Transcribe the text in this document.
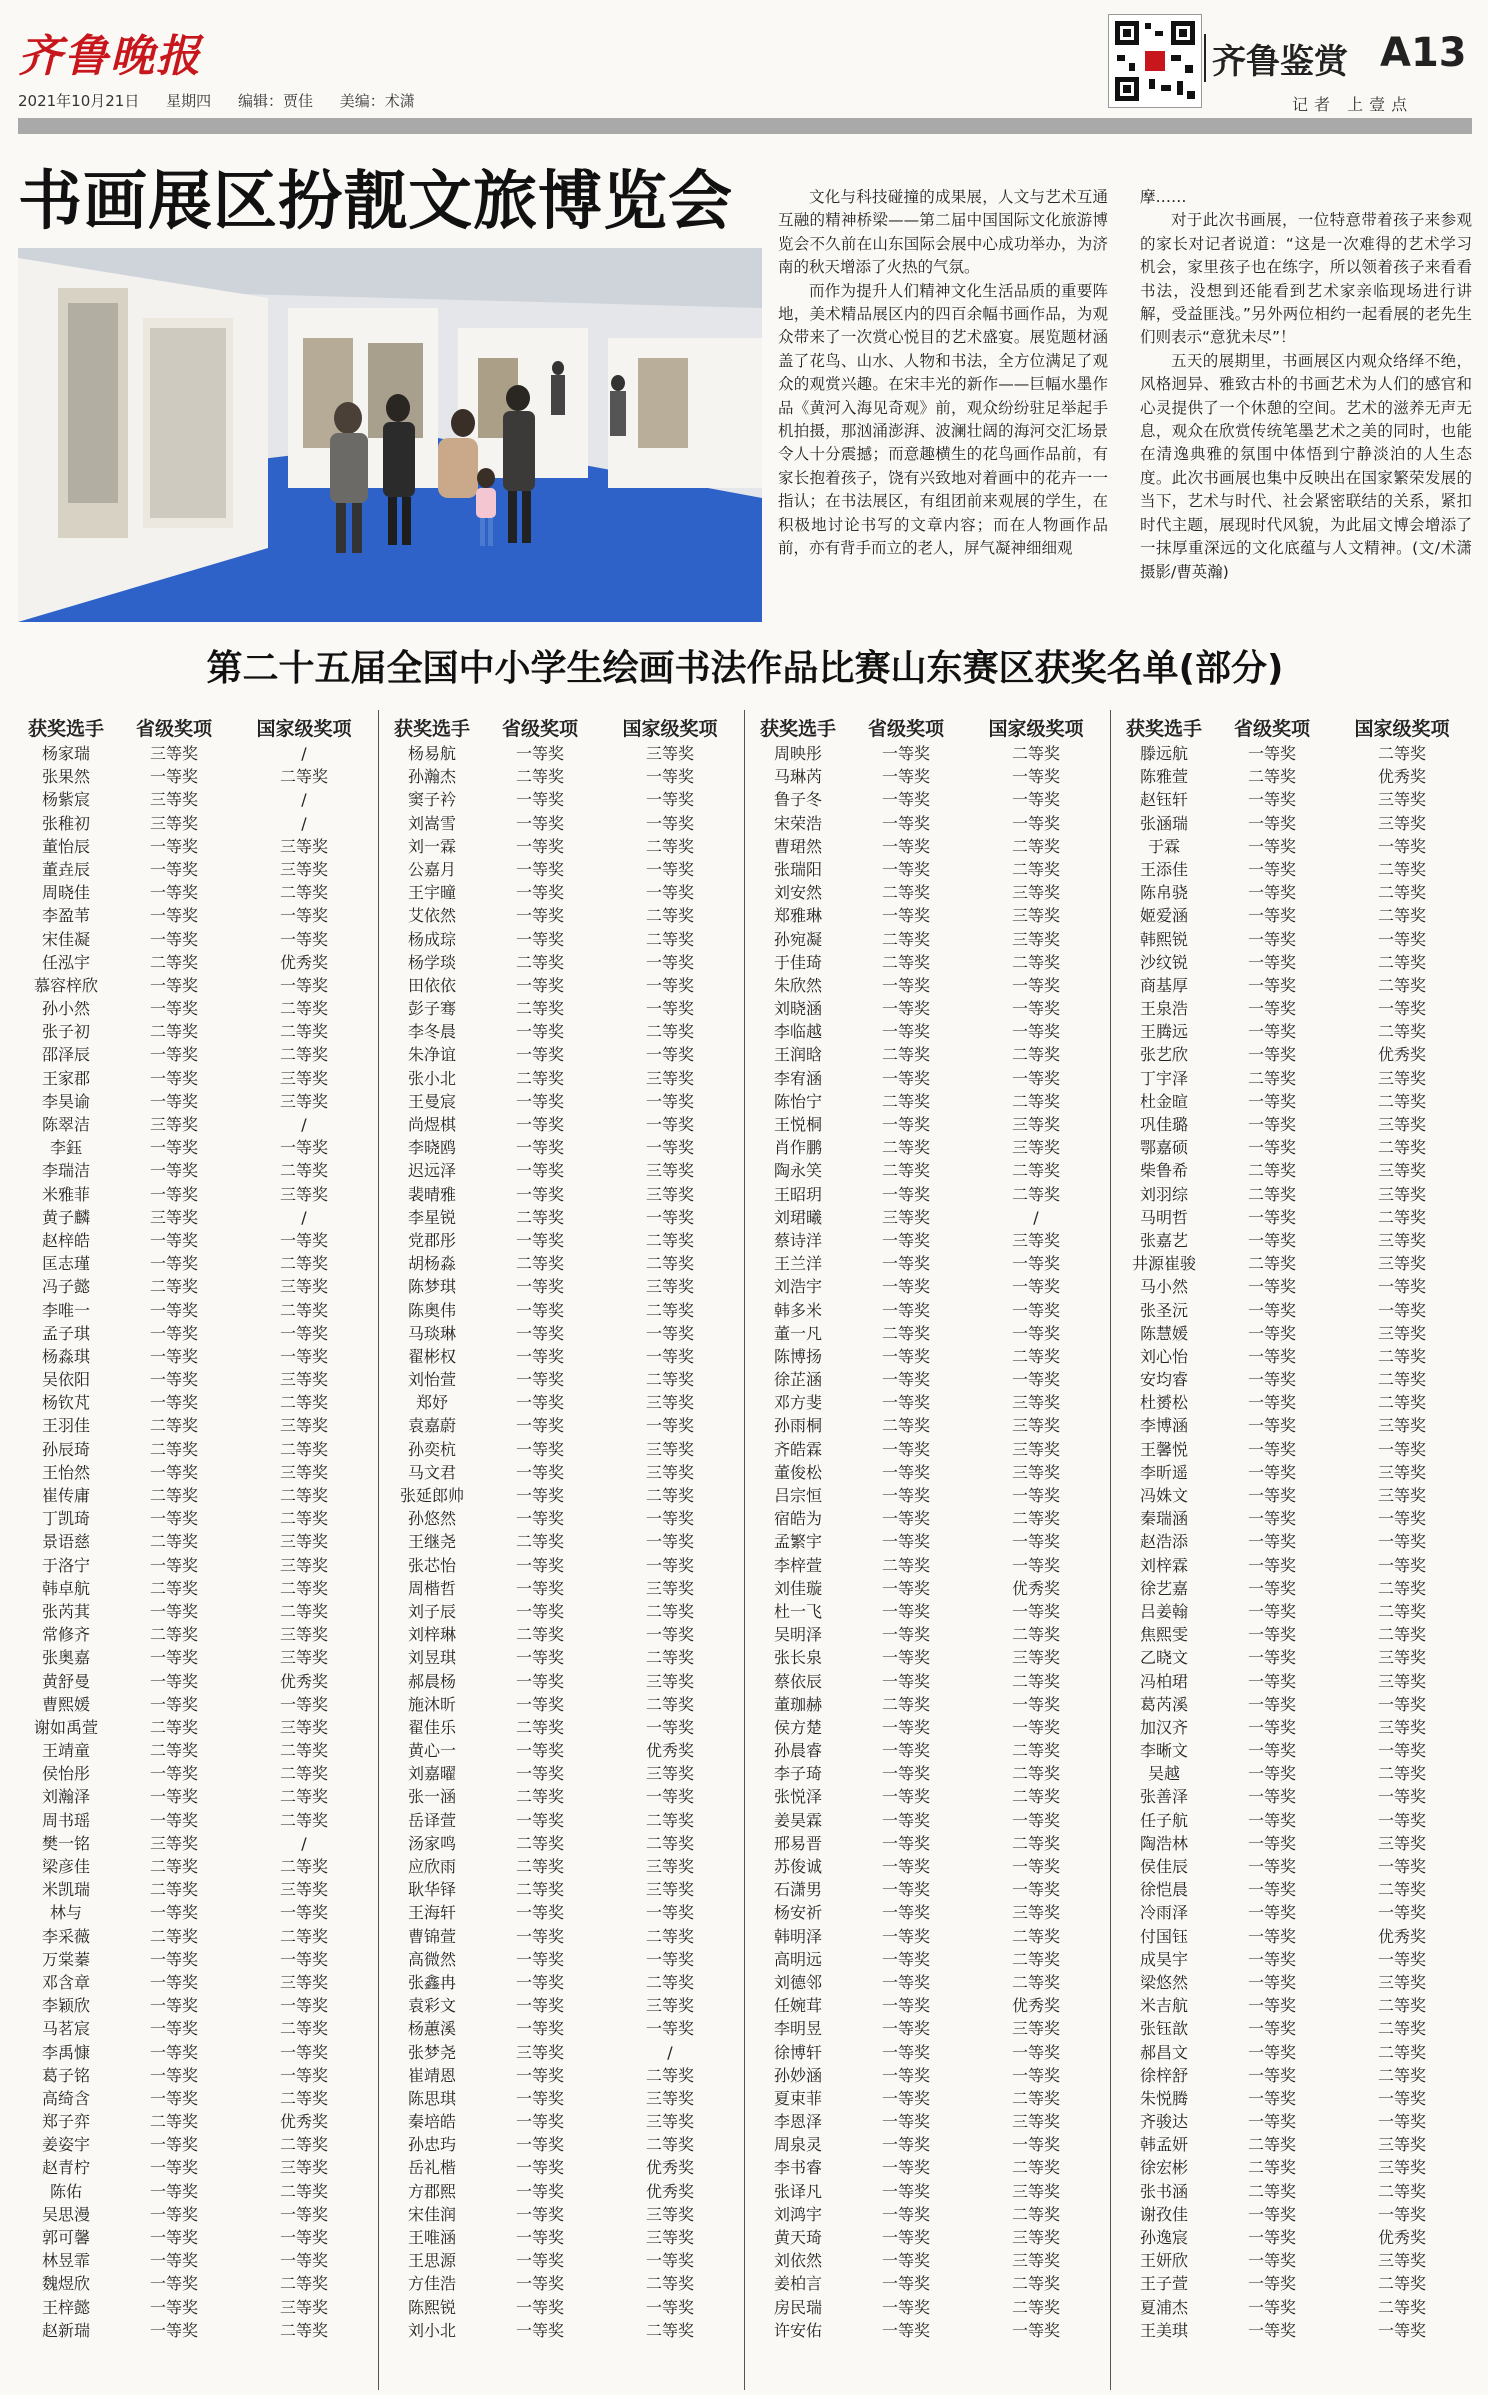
齐鲁晚报
2021年10月21日 星期四 编辑：贾佳 美编：术潇
齐鲁鉴赏 A13
记者 上壹点
书画展区扮靓文旅博览会	文化与科技碰撞的成果展，人文与艺术互通互融的精神桥梁——第二届中国国际文化旅游博览会不久前在山东国际会展中心成功举办，为济南的秋天增添了火热的气氛。

而作为提升人们精神文化生活品质的重要阵地，美术精品展区内的四百余幅书画作品，为观众带来了一次赏心悦目的艺术盛宴。展览题材涵盖了花鸟、山水、人物和书法，全方位满足了观众的观赏兴趣。在宋丰光的新作——巨幅水墨作品《黄河入海见奇观》前，观众纷纷驻足举起手机拍摄，那汹涌澎湃、波澜壮阔的海河交汇场景令人十分震撼；而意趣横生的花鸟画作品前，有家长抱着孩子，饶有兴致地对着画中的花卉一一指认；在书法展区，有组团前来观展的学生，在积极地讨论书写的文章内容；而在人物画作品前，亦有背手而立的老人，屏气凝神细细观

摩……

对于此次书画展，一位特意带着孩子来参观的家长对记者说道：“这是一次难得的艺术学习机会，家里孩子也在练字，所以领着孩子来看看书法，没想到还能看到艺术家亲临现场进行讲解，受益匪浅。”另外两位相约一起看展的老先生们则表示“意犹未尽”！

五天的展期里，书画展区内观众络绎不绝，风格迥异、雅致古朴的书画艺术为人们的感官和心灵提供了一个休憩的空间。艺术的滋养无声无息，观众在欣赏传统笔墨艺术之美的同时，也能在清逸典雅的氛围中体悟到宁静淡泊的人生态度。此次书画展也集中反映出在国家繁荣发展的当下，艺术与时代、社会紧密联结的关系，紧扣时代主题，展现时代风貌，为此届文博会增添了一抹厚重深远的文化底蕴与人文精神。(文/术潇 摄影/曹英瀚)

第二十五届全国中小学生绘画书法作品比赛山东赛区获奖名单(部分)
获奖选手	省级奖项	国家级奖项
杨家瑞	三等奖	/
张果然	一等奖	二等奖
杨紫宸	三等奖	/
张稚初	三等奖	/
董怡辰	一等奖	三等奖
董垚辰	一等奖	三等奖
周晓佳	一等奖	二等奖
李盈苇	一等奖	一等奖
宋佳凝	一等奖	一等奖
任泓宇	二等奖	优秀奖
慕容梓欣	一等奖	一等奖
孙小然	一等奖	二等奖
张子初	二等奖	二等奖
邵泽辰	一等奖	二等奖
王家郡	一等奖	三等奖
李昊谕	一等奖	三等奖
陈翠洁	三等奖	/
李鈺	一等奖	一等奖
李瑞洁	一等奖	二等奖
米雅菲	一等奖	三等奖
黄子麟	三等奖	/
赵梓皓	一等奖	一等奖
匡志瑾	一等奖	二等奖
冯子懿	二等奖	三等奖
李唯一	一等奖	二等奖
孟子琪	一等奖	一等奖
杨淼琪	一等奖	一等奖
吴依阳	一等奖	三等奖
杨钦芃	一等奖	二等奖
王羽佳	二等奖	三等奖
孙辰琦	二等奖	二等奖
王怡然	一等奖	三等奖
崔传庸	二等奖	二等奖
丁凯琦	一等奖	二等奖
景语慈	二等奖	三等奖
于洛宁	一等奖	三等奖
韩卓航	二等奖	二等奖
张芮萁	一等奖	二等奖
常修齐	二等奖	三等奖
张奥嘉	一等奖	三等奖
黄舒曼	一等奖	优秀奖
曹熙媛	一等奖	一等奖
谢如禹萱	二等奖	三等奖
王靖童	二等奖	二等奖
侯怡彤	一等奖	二等奖
刘瀚泽	一等奖	二等奖
周书瑶	一等奖	二等奖
樊一铭	三等奖	/
梁彦佳	二等奖	二等奖
米凯瑞	二等奖	三等奖
林与	一等奖	一等奖
李采薇	二等奖	二等奖
万棠蓁	一等奖	一等奖
邓含章	一等奖	三等奖
李颖欣	一等奖	一等奖
马茗宸	一等奖	二等奖
李禹慷	一等奖	一等奖
葛子铭	一等奖	一等奖
高绮含	一等奖	二等奖
郑子弈	二等奖	优秀奖
姜姿宇	一等奖	二等奖
赵青柠	一等奖	三等奖
陈佑	一等奖	二等奖
吴思漫	一等奖	一等奖
郭可馨	一等奖	一等奖
林昱霏	一等奖	一等奖
魏煜欣	一等奖	二等奖
王梓懿	一等奖	三等奖
赵新瑞	一等奖	二等奖
获奖选手	省级奖项	国家级奖项
杨易航	一等奖	三等奖
孙瀚杰	二等奖	一等奖
窦子衿	一等奖	一等奖
刘嵩雪	一等奖	一等奖
刘一霖	一等奖	二等奖
公嘉月	一等奖	一等奖
王宇曈	一等奖	一等奖
艾依然	一等奖	二等奖
杨成琮	一等奖	二等奖
杨学琰	二等奖	一等奖
田依依	一等奖	一等奖
彭子骞	二等奖	一等奖
李冬晨	一等奖	二等奖
朱净谊	一等奖	一等奖
张小北	二等奖	三等奖
王曼宸	一等奖	一等奖
尚煜棋	一等奖	一等奖
李晓鸥	一等奖	一等奖
迟远泽	一等奖	三等奖
裴晴雅	一等奖	三等奖
李星锐	二等奖	一等奖
党郡彤	一等奖	二等奖
胡杨淼	二等奖	二等奖
陈梦琪	一等奖	三等奖
陈奥伟	一等奖	二等奖
马琰琳	一等奖	一等奖
翟彬权	一等奖	一等奖
刘怡萱	一等奖	二等奖
郑妤	一等奖	三等奖
袁嘉蔚	一等奖	一等奖
孙奕杭	一等奖	三等奖
马文君	一等奖	三等奖
张延郎帅	一等奖	二等奖
孙悠然	一等奖	一等奖
王继尧	二等奖	一等奖
张芯怡	一等奖	一等奖
周楷哲	一等奖	三等奖
刘子辰	一等奖	二等奖
刘梓琳	二等奖	一等奖
刘昱琪	一等奖	二等奖
郝晨杨	一等奖	三等奖
施沐昕	一等奖	二等奖
翟佳乐	二等奖	一等奖
黄心一	一等奖	优秀奖
刘嘉曜	一等奖	三等奖
张一涵	二等奖	一等奖
岳译萱	一等奖	二等奖
汤家鸣	二等奖	二等奖
应欣雨	二等奖	三等奖
耿华铎	二等奖	三等奖
王海轩	一等奖	一等奖
曹锦萱	一等奖	二等奖
高微然	一等奖	一等奖
张鑫冉	一等奖	二等奖
袁彩文	一等奖	三等奖
杨蕙溪	一等奖	一等奖
张梦尧	三等奖	/
崔靖恩	一等奖	二等奖
陈思琪	一等奖	三等奖
秦培皓	一等奖	三等奖
孙忠玙	一等奖	二等奖
岳礼楷	一等奖	优秀奖
方郡熙	一等奖	优秀奖
宋佳润	一等奖	三等奖
王唯涵	一等奖	三等奖
王思源	一等奖	一等奖
方佳浩	一等奖	二等奖
陈熙锐	一等奖	一等奖
刘小北	一等奖	二等奖
获奖选手	省级奖项	国家级奖项
周映彤	一等奖	二等奖
马琳芮	一等奖	一等奖
鲁子冬	一等奖	一等奖
宋荣浩	一等奖	一等奖
曹珺然	一等奖	二等奖
张瑞阳	一等奖	二等奖
刘安然	二等奖	三等奖
郑雅琳	一等奖	三等奖
孙宛凝	二等奖	三等奖
于佳琦	二等奖	二等奖
朱欣然	一等奖	一等奖
刘晓涵	一等奖	一等奖
李临越	一等奖	一等奖
王润晗	二等奖	二等奖
李宥涵	一等奖	一等奖
陈怡宁	二等奖	二等奖
王悦桐	一等奖	三等奖
肖作鹏	二等奖	三等奖
陶永笑	二等奖	二等奖
王昭玥	一等奖	二等奖
刘珺曦	三等奖	/
蔡诗洋	一等奖	三等奖
王兰洋	一等奖	一等奖
刘浩宇	一等奖	一等奖
韩多米	一等奖	一等奖
董一凡	二等奖	一等奖
陈博扬	一等奖	二等奖
徐芷涵	一等奖	一等奖
邓方斐	一等奖	三等奖
孙雨桐	二等奖	三等奖
齐皓霖	一等奖	三等奖
董俊松	一等奖	三等奖
吕宗恒	一等奖	一等奖
宿皓为	一等奖	二等奖
孟繁宇	一等奖	一等奖
李梓萱	二等奖	一等奖
刘佳璇	一等奖	优秀奖
杜一飞	一等奖	一等奖
吴明泽	一等奖	二等奖
张长泉	一等奖	三等奖
蔡依辰	一等奖	二等奖
董珈赫	二等奖	一等奖
侯方楚	一等奖	一等奖
孙晨睿	一等奖	二等奖
李子琦	一等奖	二等奖
张悦泽	一等奖	二等奖
姜昊霖	一等奖	一等奖
邢易晋	一等奖	二等奖
苏俊诚	一等奖	一等奖
石潇男	一等奖	一等奖
杨安祈	一等奖	三等奖
韩明泽	一等奖	二等奖
高明远	一等奖	二等奖
刘德邻	一等奖	二等奖
任婉茸	一等奖	优秀奖
李明昱	一等奖	三等奖
徐博轩	一等奖	一等奖
孙妙涵	一等奖	一等奖
夏束菲	一等奖	二等奖
李恩泽	一等奖	三等奖
周泉灵	一等奖	一等奖
李书睿	一等奖	二等奖
张译凡	一等奖	三等奖
刘鸿宇	一等奖	二等奖
黄天琦	一等奖	三等奖
刘依然	一等奖	三等奖
姜柏言	一等奖	二等奖
房民瑞	一等奖	二等奖
许安佑	一等奖	一等奖
获奖选手	省级奖项	国家级奖项
滕远航	一等奖	二等奖
陈雅萱	二等奖	优秀奖
赵钰轩	一等奖	三等奖
张涵瑞	一等奖	三等奖
于霖	一等奖	一等奖
王添佳	一等奖	二等奖
陈帛骁	一等奖	二等奖
姬爱涵	一等奖	二等奖
韩熙锐	一等奖	一等奖
沙纹锐	一等奖	二等奖
商基厚	一等奖	二等奖
王泉浩	一等奖	一等奖
王腾远	一等奖	二等奖
张艺欣	一等奖	优秀奖
丁宇泽	二等奖	三等奖
杜金暄	一等奖	二等奖
巩佳璐	一等奖	三等奖
鄂嘉硕	一等奖	二等奖
柴鲁希	二等奖	三等奖
刘羽综	二等奖	三等奖
马明哲	一等奖	二等奖
张嘉艺	一等奖	三等奖
井源崔骏	二等奖	三等奖
马小然	一等奖	一等奖
张圣沅	一等奖	一等奖
陈慧媛	一等奖	三等奖
刘心怡	一等奖	二等奖
安均睿	一等奖	二等奖
杜赟松	一等奖	二等奖
李博涵	一等奖	三等奖
王馨悦	一等奖	一等奖
李昕遥	一等奖	三等奖
冯姝文	一等奖	三等奖
秦瑞涵	一等奖	一等奖
赵浩添	一等奖	一等奖
刘梓霖	一等奖	一等奖
徐艺嘉	一等奖	二等奖
吕姜翰	一等奖	二等奖
焦熙雯	一等奖	二等奖
乙晓文	一等奖	三等奖
冯柏珺	一等奖	三等奖
葛芮溪	一等奖	一等奖
加汉齐	一等奖	三等奖
李晰文	一等奖	一等奖
吴越	一等奖	二等奖
张善泽	一等奖	一等奖
任子航	一等奖	一等奖
陶浩林	一等奖	三等奖
侯佳辰	一等奖	一等奖
徐恺晨	一等奖	二等奖
冷雨泽	一等奖	一等奖
付国钰	一等奖	优秀奖
成昊宇	一等奖	一等奖
梁悠然	一等奖	三等奖
米吉航	一等奖	二等奖
张钰歆	一等奖	二等奖
郝昌文	一等奖	二等奖
徐梓舒	一等奖	二等奖
朱悦腾	一等奖	一等奖
齐骏达	一等奖	一等奖
韩孟妍	二等奖	三等奖
徐宏彬	二等奖	三等奖
张书涵	二等奖	二等奖
谢孜佳	一等奖	一等奖
孙逸宸	一等奖	优秀奖
王妍欣	一等奖	三等奖
王子萱	一等奖	二等奖
夏浦杰	一等奖	二等奖
王美琪	一等奖	一等奖
